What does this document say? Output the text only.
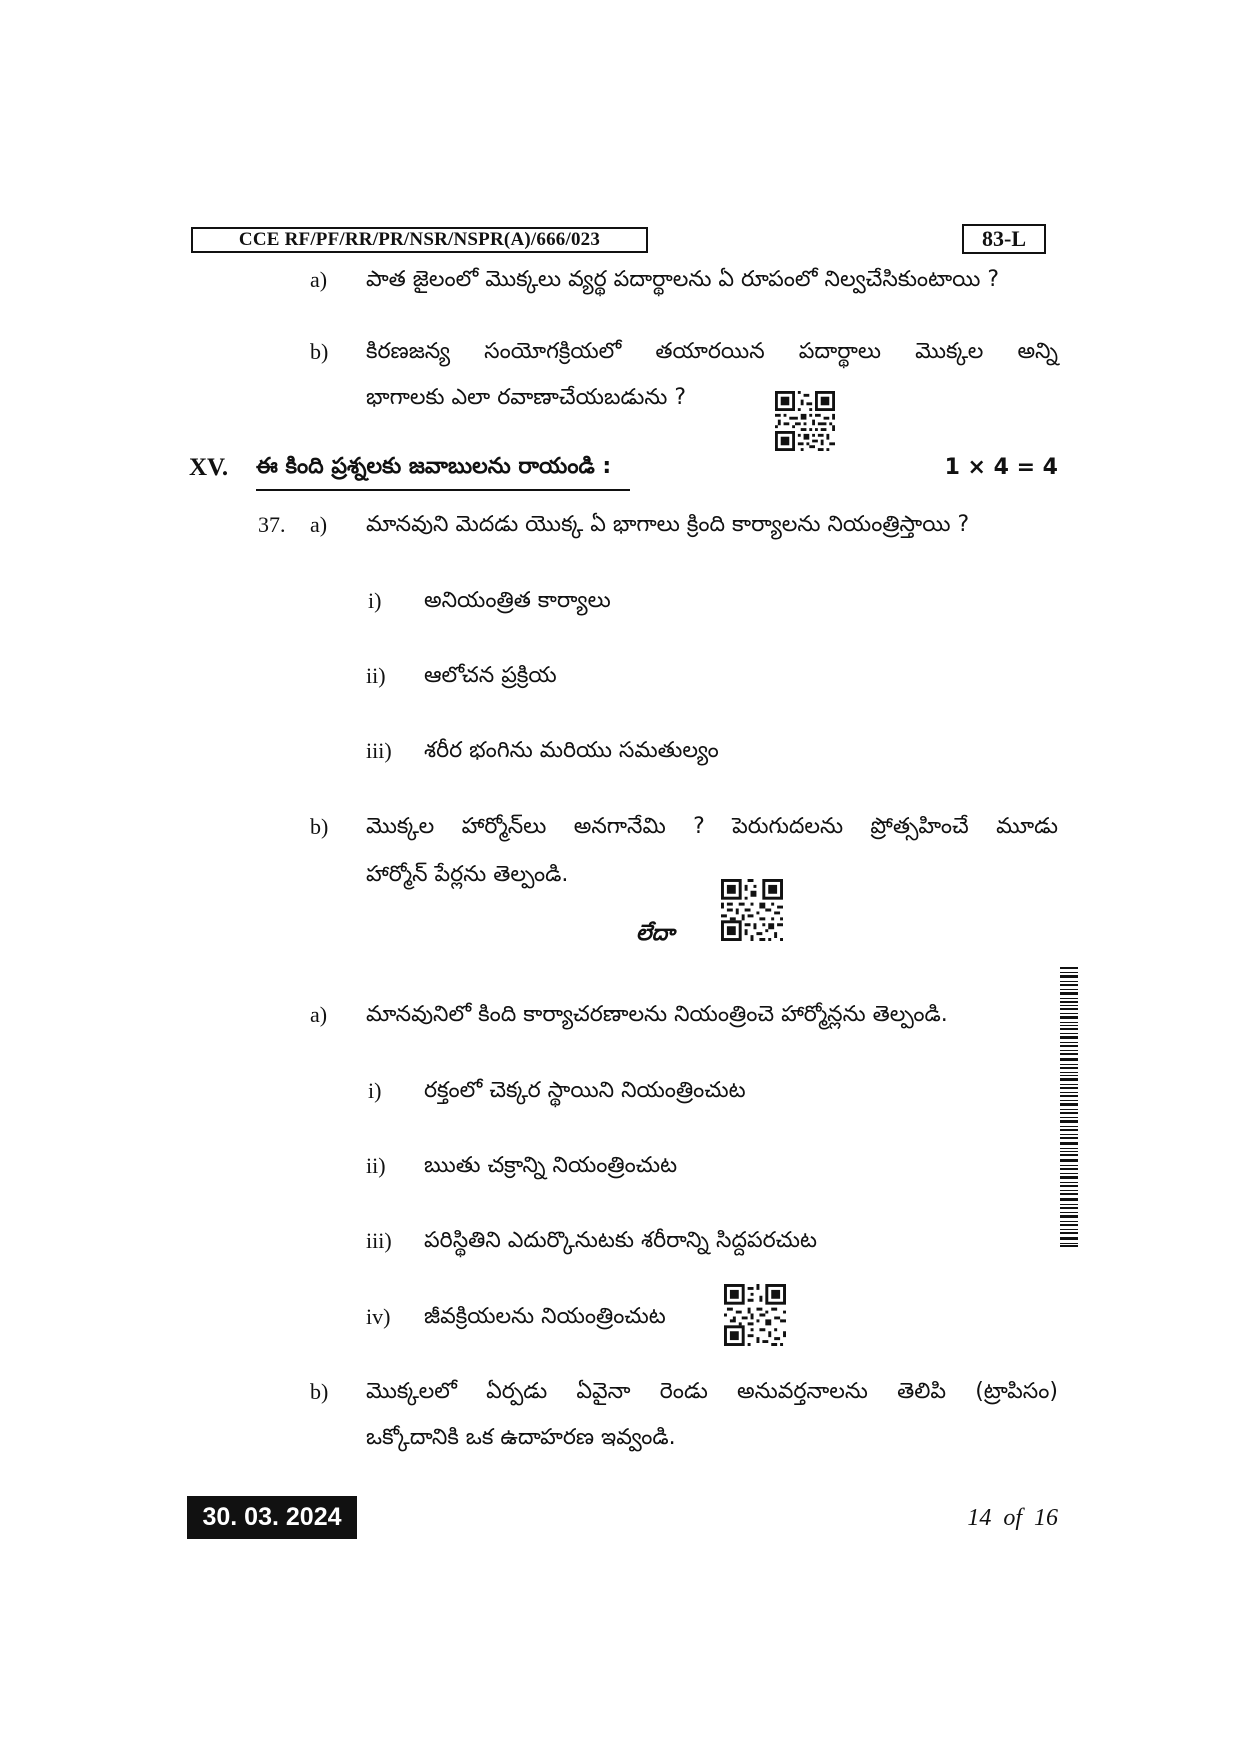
CCE RF/PF/RR/PR/NSR/NSPR(A)/666/023	83-L
a) పాత జైలంలో మొక్కలు వ్యర్థ పదార్థాలను ఏ రూపంలో నిల్వచేసికుంటాయి ?
b) కిరణజన్య సంయోగక్రియలో తయారయిన పదార్థాలు మొక్కల అన్ని
భాగాలకు ఎలా రవాణాచేయబడును ?
XV. ఈ కింది ప్రశ్నలకు జవాబులను రాయండి :	1 × 4 = 4
37. a) మానవుని మెదడు యొక్క ఏ భాగాలు క్రింది కార్యాలను నియంత్రిస్తాయి ?
i) అనియంత్రిత కార్యాలు
ii) ఆలోచన ప్రక్రియ
iii) శరీర భంగిను మరియు సమతుల్యం
b) మొక్కల హార్మోన్‌లు అనగానేమి ? పెరుగుదలను ప్రోత్సహించే మూడు
హార్మోన్ పేర్లను తెల్పండి.
లేదా
a) మానవునిలో కింది కార్యాచరణాలను నియంత్రించె హార్మోన్లను తెల్పండి.
i) రక్తంలో చెక్కర స్థాయిని నియంత్రించుట
ii) ఋతు చక్రాన్ని నియంత్రించుట
iii) పరిస్థితిని ఎదుర్కొనుటకు శరీరాన్ని సిద్దపరచుట
iv) జీవక్రియలను నియంత్రించుట
b) మొక్కలలో ఏర్పడు ఏవైనా రెండు అనువర్తనాలను తెలిపి (ట్రాపిసం)
ఒక్కోదానికి ఒక ఉదాహరణ ఇవ్వండి.
30. 03. 2024	14  of  16
